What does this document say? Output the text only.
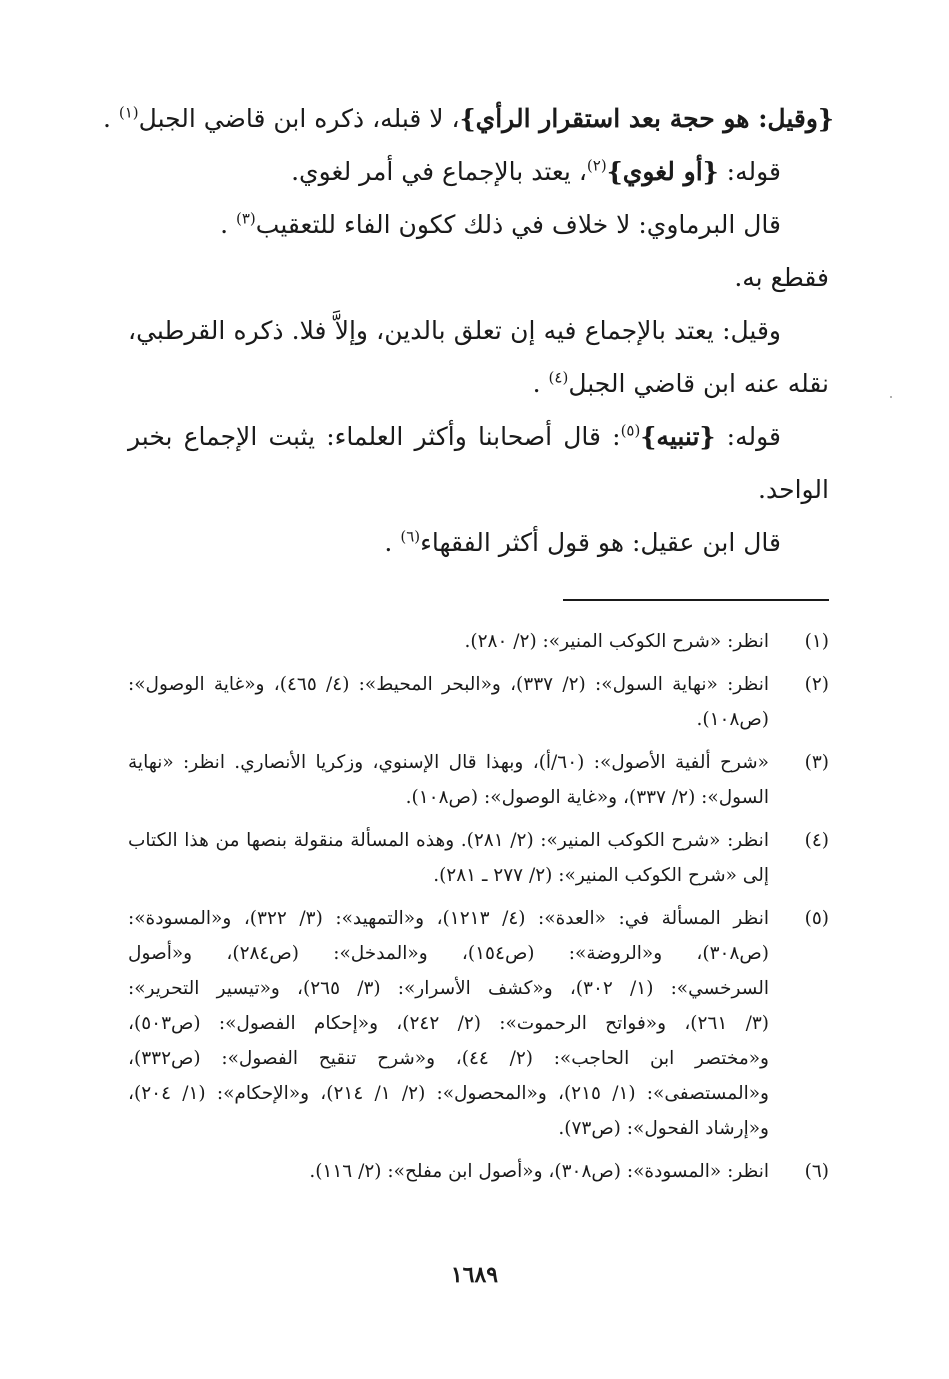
{وقيل: هو حجة بعد استقرار الرأي}، لا قبله، ذكره ابن قاضي الجبل$^{(١)}$ .
قوله: {أو لغوي}$^{(٢)}$، يعتد بالإجماع في أمر لغوي.
قال البرماوي: لا خلاف في ذلك ككون الفاء للتعقيب$^{(٣)}$ .
فقطع به.
وقيل: يعتد بالإجماع فيه إن تعلق بالدين، وإلاَّ فلا. ذكره القرطبي،
نقله عنه ابن قاضي الجبل$^{(٤)}$ .
قوله: {تنبيه}$^{(٥)}$: قال أصحابنا وأكثر العلماء: يثبت الإجماع بخبر
الواحد.
قال ابن عقيل: هو قول أكثر الفقهاء$^{(٦)}$ .
(١)
انظر: «شرح الكوكب المنير»: (٢/ ٢٨٠).
(٢)
انظر: «نهاية السول»: (٢/ ٣٣٧)، و«البحر المحيط»: (٤/ ٤٦٥)، و«غاية الوصول»:
(ص١٠٨).
(٣)
«شرح ألفية الأصول»: (٦٠/أ)، وبهذا قال الإسنوي، وزكريا الأنصاري. انظر: «نهاية
السول»: (٢/ ٣٣٧)، و«غاية الوصول»: (ص١٠٨).
(٤)
انظر: «شرح الكوكب المنير»: (٢/ ٢٨١). وهذه المسألة منقولة بنصها من هذا الكتاب
إلى «شرح الكوكب المنير»: (٢/ ٢٧٧ ـ ٢٨١).
(٥)
انظر المسألة في: «العدة»: (٤/ ١٢١٣)، و«التمهيد»: (٣/ ٣٢٢)، و«المسودة»:
(ص٣٠٨)، و«الروضة»: (ص١٥٤)، و«المدخل»: (ص٢٨٤)، و«أصول
السرخسي»: (١/ ٣٠٢)، و«كشف الأسرار»: (٣/ ٢٦٥)، و«تيسير التحرير»:
(٣/ ٢٦١)، و«فواتح الرحموت»: (٢/ ٢٤٢)، و«إحكام الفصول»: (ص٥٠٣)،
و«مختصر ابن الحاجب»: (٢/ ٤٤)، و«شرح تنقيح الفصول»: (ص٣٣٢)،
و«المستصفى»: (١/ ٢١٥)، و«المحصول»: (٢/ ١/ ٢١٤)، و«الإحكام»: (١/ ٢٠٤)،
و«إرشاد الفحول»: (ص٧٣).
(٦)
انظر: «المسودة»: (ص٣٠٨)، و«أصول ابن مفلح»: (٢/ ١١٦).
١٦٨٩
